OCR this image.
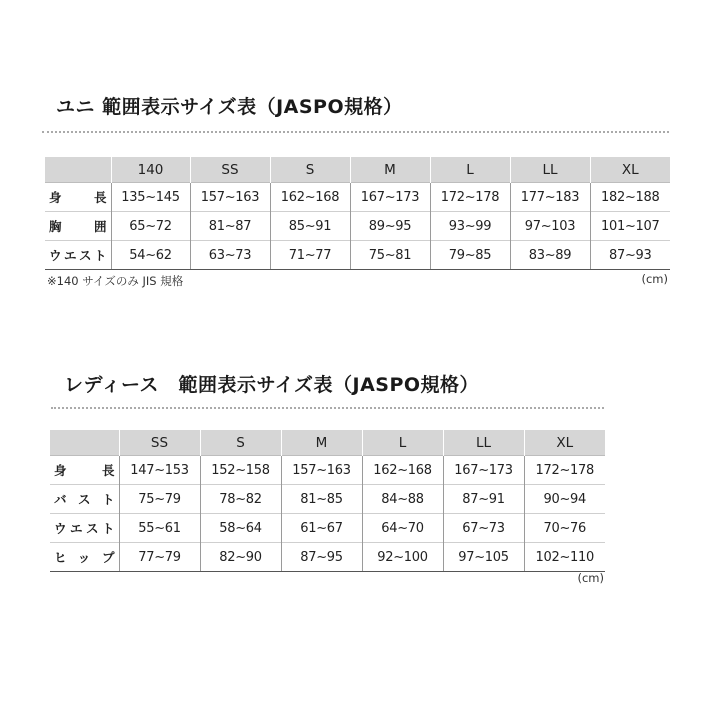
ユニ 範囲表示サイズ表（JASPO規格）
	140	SS	S	M	L	LL	XL
身　長	135~145	157~163	162~168	167~173	172~178	177~183	182~188
胸　囲	65~72	81~87	85~91	89~95	93~99	97~103	101~107
ウエスト	54~62	63~73	71~77	75~81	79~85	83~89	87~93
※140 サイズのみ JIS 規格	(cm)
レディース　範囲表示サイズ表（JASPO規格）
	SS	S	M	L	LL	XL
身　長	147~153	152~158	157~163	162~168	167~173	172~178
バスト	75~79	78~82	81~85	84~88	87~91	90~94
ウエスト	55~61	58~64	61~67	64~70	67~73	70~76
ヒップ	77~79	82~90	87~95	92~100	97~105	102~110
(cm)
